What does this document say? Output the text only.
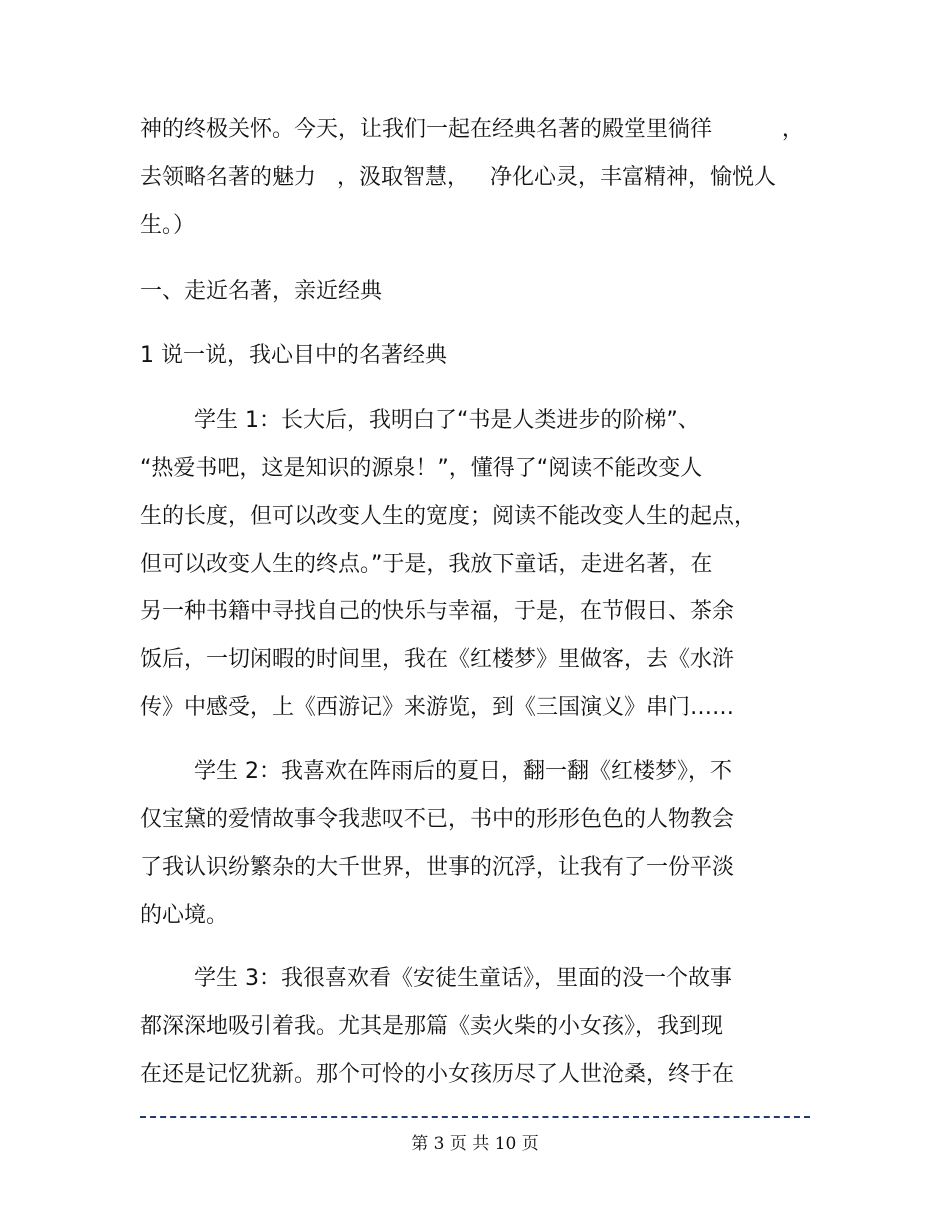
神的终极关怀。今天，让我们一起在经典名著的殿堂里徜徉          ，
去领略名著的魅力   ，汲取智慧，   净化心灵，丰富精神，愉悦人
生。）
一、走近名著，亲近经典
1 说一说，我心目中的名著经典
学生 1：长大后，我明白了“书是人类进步的阶梯”、
“热爱书吧，这是知识的源泉！”，懂得了“阅读不能改变人
生的长度，但可以改变人生的宽度；阅读不能改变人生的起点，
但可以改变人生的终点。”于是，我放下童话，走进名著，在
另一种书籍中寻找自己的快乐与幸福，于是，在节假日、茶余
饭后，一切闲暇的时间里，我在《红楼梦》里做客，去《水浒
传》中感受，上《西游记》来游览，到《三国演义》串门……
学生 2：我喜欢在阵雨后的夏日，翻一翻《红楼梦》，不
仅宝黛的爱情故事令我悲叹不已，书中的形形色色的人物教会
了我认识纷繁杂的大千世界，世事的沉浮，让我有了一份平淡
的心境。
学生 3：我很喜欢看《安徒生童话》，里面的没一个故事
都深深地吸引着我。尤其是那篇《卖火柴的小女孩》，我到现
在还是记忆犹新。那个可怜的小女孩历尽了人世沧桑，终于在
第 3 页 共 10 页
